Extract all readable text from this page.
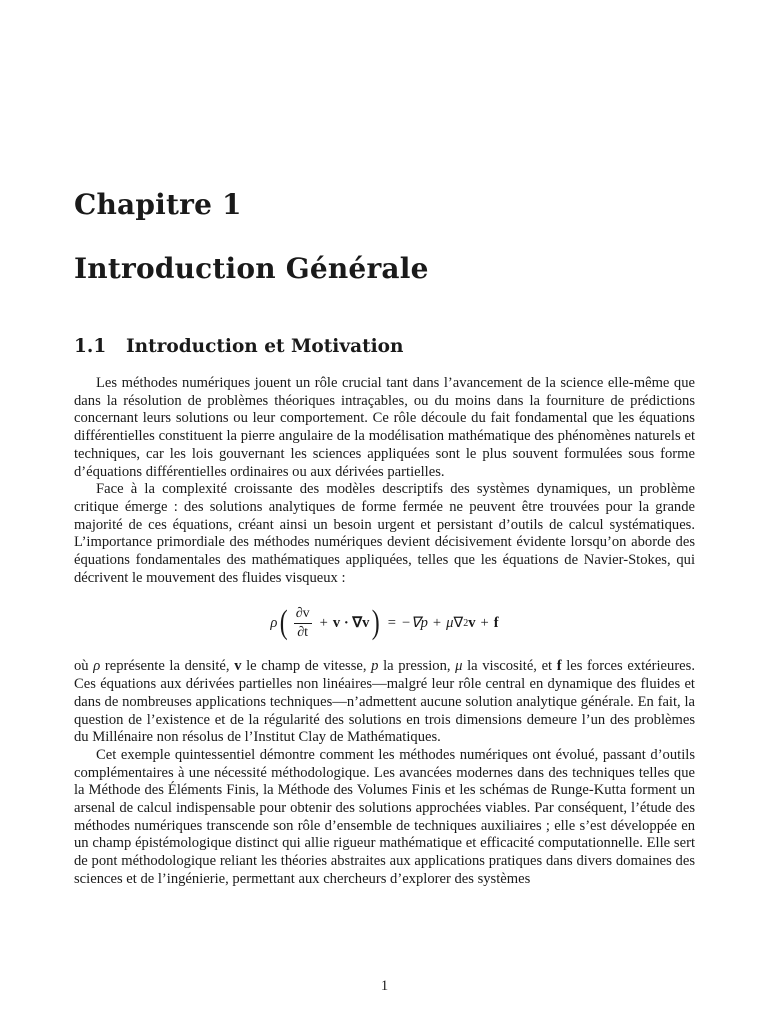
Chapitre 1
Introduction Générale
1.1 Introduction et Motivation

Les méthodes numériques jouent un rôle crucial tant dans l’avancement de la science elle-même que dans la résolution de problèmes théoriques intraçables, ou du moins dans la fourniture de prédictions concernant leurs solutions ou leur comportement. Ce rôle découle du fait fondamental que les équations différentielles constituent la pierre angulaire de la modélisation mathématique des phénomènes naturels et techniques, car les lois gouvernant les sciences appliquées sont le plus souvent formulées sous forme d’équations différentielles ordinaires ou aux dérivées partielles.

Face à la complexité croissante des modèles descriptifs des systèmes dynamiques, un problème critique émerge : des solutions analytiques de forme fermée ne peuvent être trouvées pour la grande majorité de ces équations, créant ainsi un besoin urgent et persistant d’outils de calcul systématiques. L’importance primordiale des méthodes numériques devient décisivement évidente lorsqu’on aborde des équations fondamentales des mathématiques appliquées, telles que les équations de Navier-Stokes, qui décrivent le mouvement des fluides visqueux :

ρ ( $\frac{\partial v}{\partial t} + v \cdot \nabla v$ ) = −∇p + μ ∇ 2 v + f

où ρ représente la densité, v le champ de vitesse, p la pression, μ la viscosité, et f les forces extérieures. Ces équations aux dérivées partielles non linéaires—malgré leur rôle central en dynamique des fluides et dans de nombreuses applications techniques—n’admettent aucune solution analytique générale. En fait, la question de l’existence et de la régularité des solutions en trois dimensions demeure l’un des problèmes du Millénaire non résolus de l’Institut Clay de Mathématiques.

Cet exemple quintessentiel démontre comment les méthodes numériques ont évolué, passant d’outils complémentaires à une nécessité méthodologique. Les avancées modernes dans des techniques telles que la Méthode des Éléments Finis, la Méthode des Volumes Finis et les schémas de Runge-Kutta forment un arsenal de calcul indispensable pour obtenir des solutions approchées viables. Par conséquent, l’étude des méthodes numériques transcende son rôle d’ensemble de techniques auxiliaires ; elle s’est développée en un champ épistémologique distinct qui allie rigueur mathématique et efficacité computationnelle. Elle sert de pont méthodologique reliant les théories abstraites aux applications pratiques dans divers domaines des sciences et de l’ingénierie, permettant aux chercheurs d’explorer des systèmes

1
